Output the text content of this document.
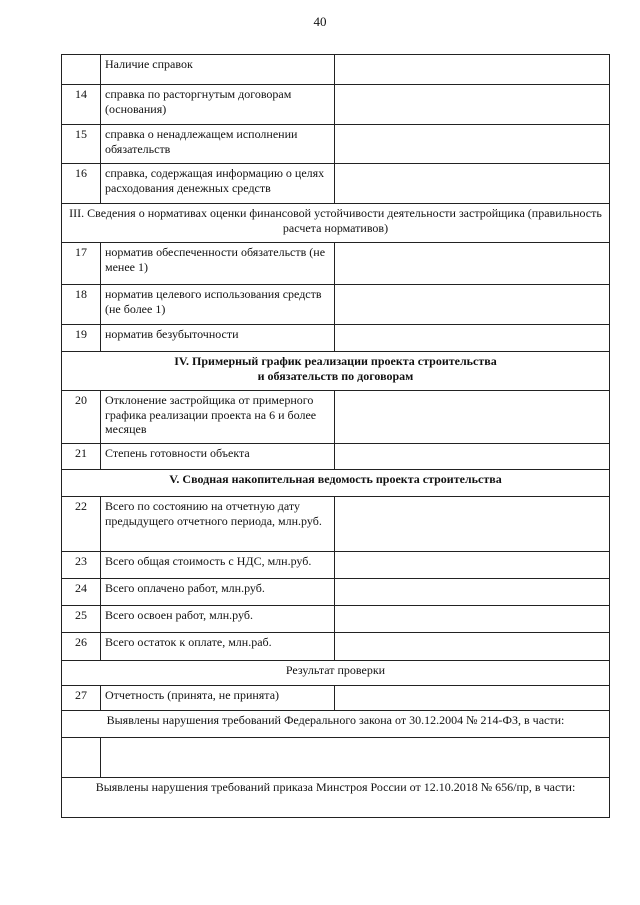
40
	Наличие справок	
14	справка по расторгнутым договорам (основания)	
15	справка о ненадлежащем исполнении обязательств	
16	справка, содержащая информацию о целях расходования денежных средств	
III. Сведения о нормативах оценки финансовой устойчивости деятельности застройщика (правильность расчета нормативов)		
17	норматив обеспеченности обязательств (не менее 1)	
18	норматив целевого использования средств (не более 1)	
19	норматив безубыточности	

IV. Примерный график реализации проекта строительства
и обязательств по договорам		

20	Отклонение застройщика от примерного графика реализации проекта на 6 и более месяцев	
21	Степень готовности объекта	
V. Сводная накопительная ведомость проекта строительства		
22	Всего по состоянию на отчетную дату предыдущего отчетного периода, млн.руб.	
23	Всего общая стоимость с НДС, млн.руб.	
24	Всего оплачено работ, млн.руб.	
25	Всего освоен работ, млн.руб.	
26	Всего остаток к оплате, млн.раб.	
Результат проверки		
27	Отчетность (принята, не принята)	
Выявлены нарушения требований Федерального закона от 30.12.2004 № 214-ФЗ, в части:		

Выявлены нарушения требований приказа Минстроя России от 12.10.2018 № 656/пр, в части:		
